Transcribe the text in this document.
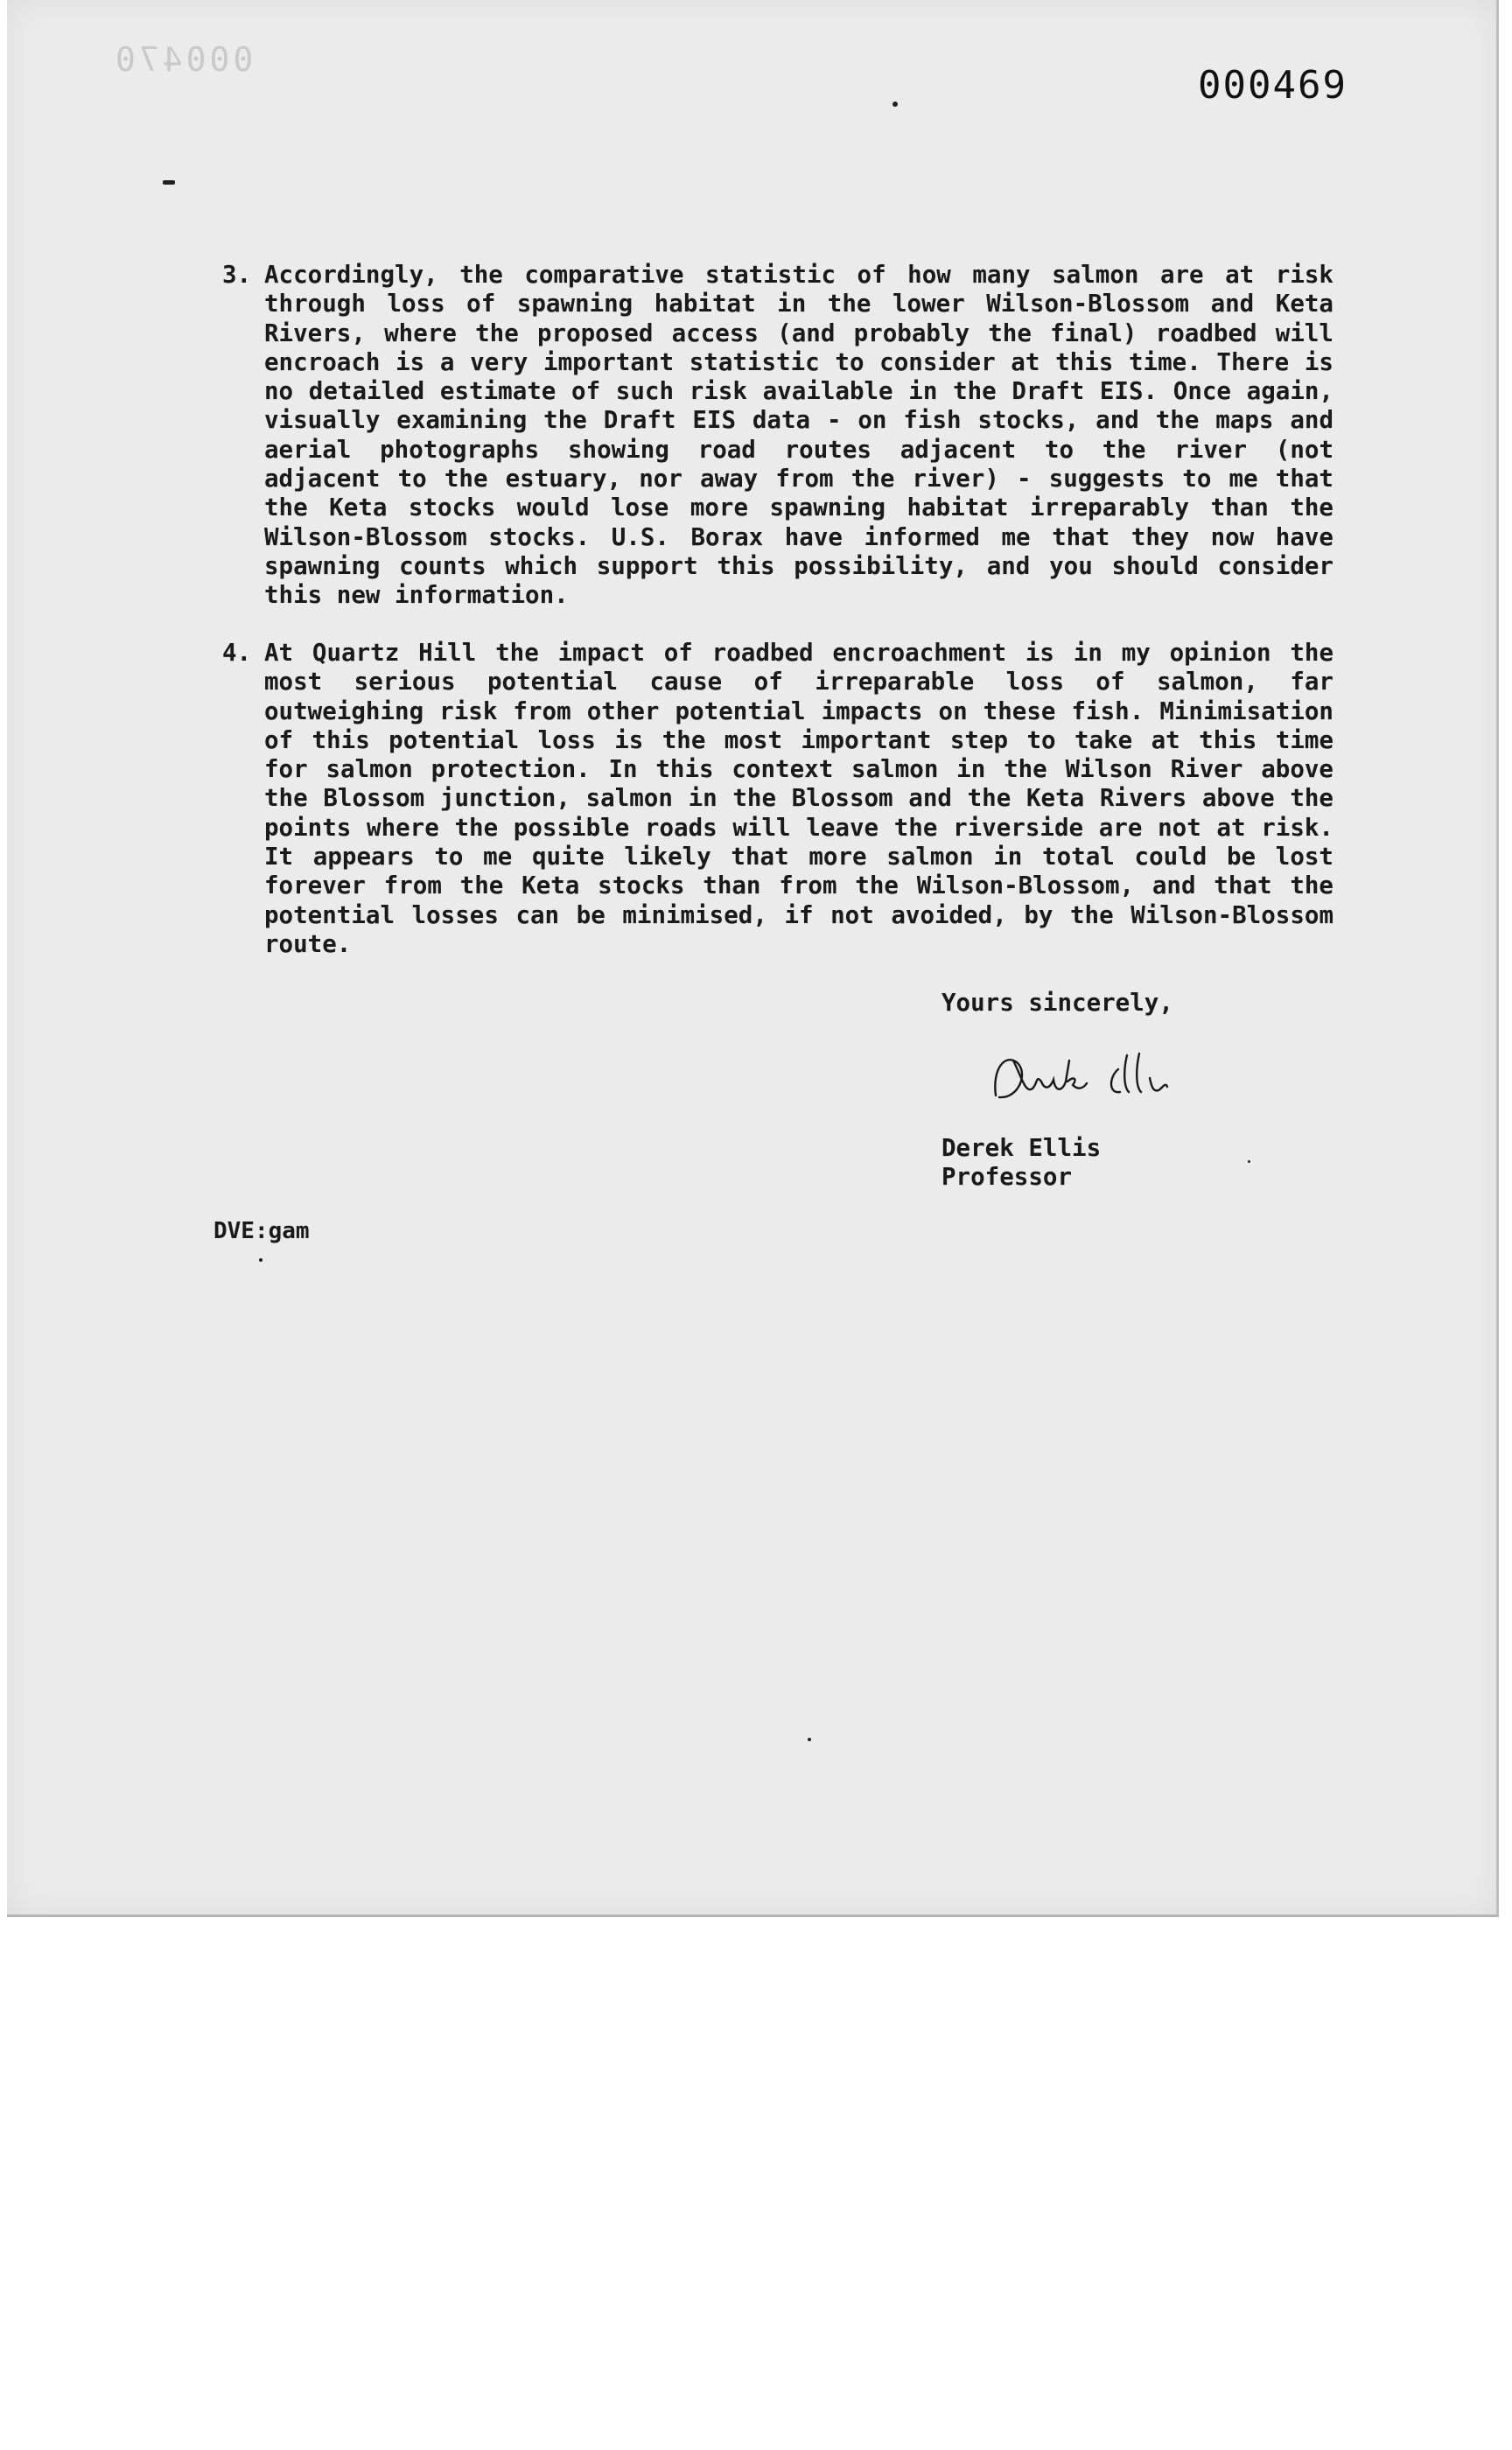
000470
000469
3. Accordingly, the comparative statistic of how many salmon are at risk through loss of spawning habitat in the lower Wilson-Blossom and Keta Rivers, where the proposed access (and probably the final) roadbed will encroach is a very important statistic to consider at this time. There is no detailed estimate of such risk available in the Draft EIS. Once again, visually examining the Draft EIS data - on fish stocks, and the maps and aerial photographs showing road routes adjacent to the river (not adjacent to the estuary, nor away from the river) - suggests to me that the Keta stocks would lose more spawning habitat irreparably than the Wilson-Blossom stocks. U.S. Borax have informed me that they now have spawning counts which support this possibility, and you should consider this new information.
4. At Quartz Hill the impact of roadbed encroachment is in my opinion the most serious potential cause of irreparable loss of salmon, far outweighing risk from other potential impacts on these fish. Minimisation of this potential loss is the most important step to take at this time for salmon protection. In this context salmon in the Wilson River above the Blossom junction, salmon in the Blossom and the Keta Rivers above the points where the possible roads will leave the riverside are not at risk. It appears to me quite likely that more salmon in total could be lost forever from the Keta stocks than from the Wilson-Blossom, and that the potential losses can be minimised, if not avoided, by the Wilson-Blossom route.
Yours sincerely,
Derek Ellis
Professor
DVE:gam
